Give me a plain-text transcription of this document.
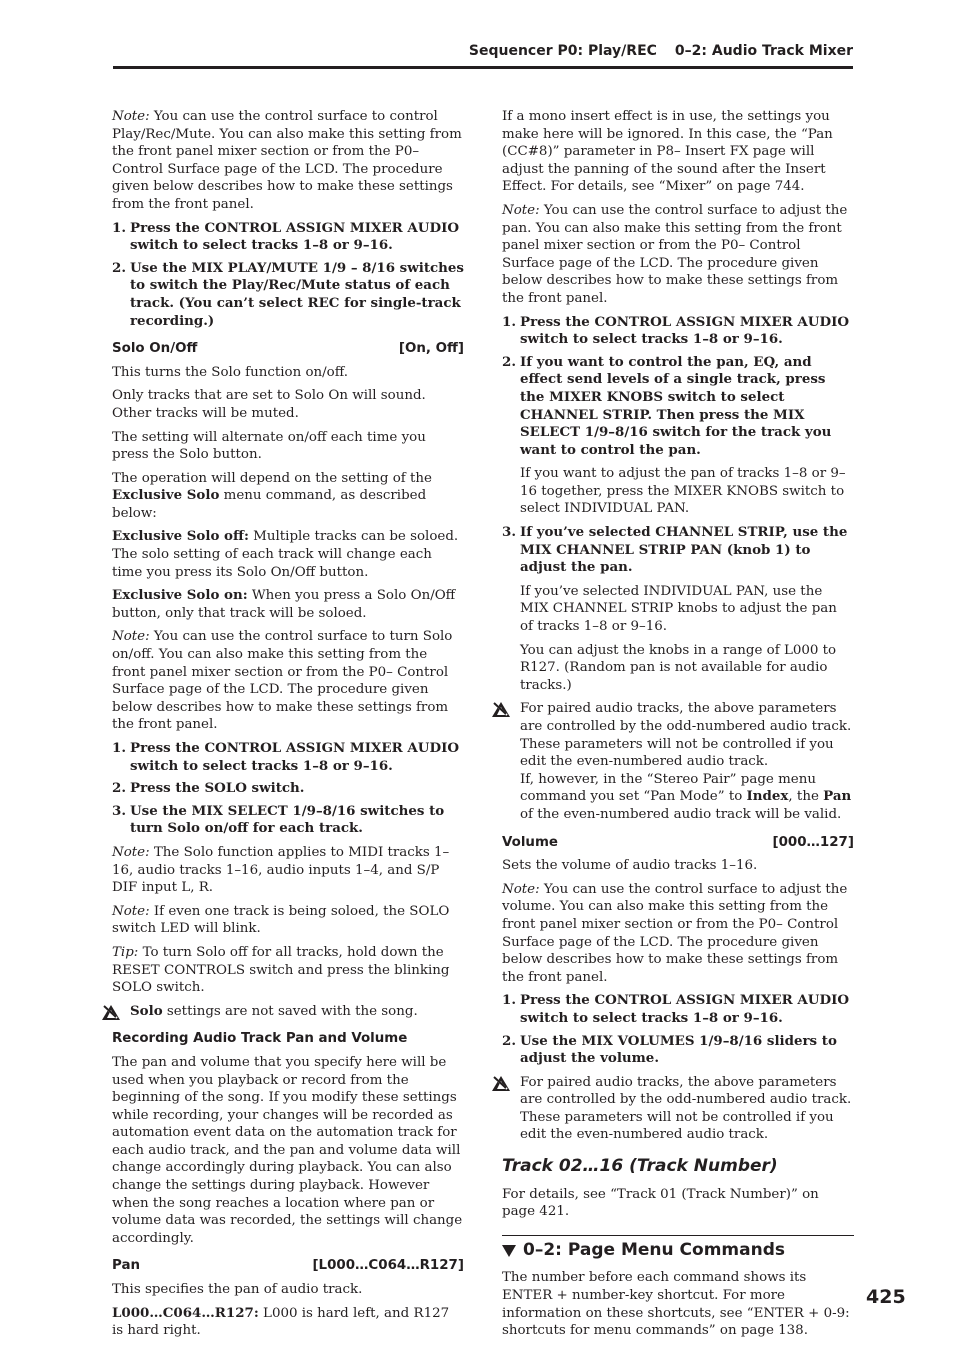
Sequencer P0: Play/REC 0–2: Audio Track Mixer

Note: You can use the control surface to control Play/Rec/Mute. You can also make this setting from the front panel mixer section or from the P0– Control Surface page of the LCD. The procedure given below describes how to make these settings from the front panel.

1. Press the CONTROL ASSIGN MIXER AUDIO switch to select tracks 1–8 or 9–16.
2. Use the MIX PLAY/MUTE 1/9 – 8/16 switches to switch the Play/Rec/Mute status of each track. (You can’t select REC for single-track recording.)
Solo On/Off	[On, Off]

This turns the Solo function on/off.

Only tracks that are set to Solo On will sound. Other tracks will be muted.

The setting will alternate on/off each time you press the Solo button.

The operation will depend on the setting of the Exclusive Solo menu command, as described below:

Exclusive Solo off: Multiple tracks can be soloed. The solo setting of each track will change each time you press its Solo On/Off button.

Exclusive Solo on: When you press a Solo On/Off button, only that track will be soloed.

Note: You can use the control surface to turn Solo on/off. You can also make this setting from the front panel mixer section or from the P0– Control Surface page of the LCD. The procedure given below describes how to make these settings from the front panel.

1. Press the CONTROL ASSIGN MIXER AUDIO switch to select tracks 1–8 or 9–16.
2. Press the SOLO switch.
3. Use the MIX SELECT 1/9–8/16 switches to turn Solo on/off for each track.

Note: The Solo function applies to MIDI tracks 1–16, audio tracks 1–16, audio inputs 1–4, and S/P DIF input L, R.

Note: If even one track is being soloed, the SOLO switch LED will blink.

Tip: To turn Solo off for all tracks, hold down the RESET CONTROLS switch and press the blinking SOLO switch.

Solo settings are not saved with the song.
Recording Audio Track Pan and Volume

The pan and volume that you specify here will be used when you playback or record from the beginning of the song. If you modify these settings while recording, your changes will be recorded as automation event data on the automation track for each audio track, and the pan and volume data will change accordingly during playback. You can also change the settings during playback. However when the song reaches a location where pan or volume data was recorded, the settings will change accordingly.

Pan	[L000…C064…R127]

This specifies the pan of audio track.

L000…C064…R127: L000 is hard left, and R127 is hard right.

If a mono insert effect is in use, the settings you make here will be ignored. In this case, the “Pan (CC#8)” parameter in P8– Insert FX page will adjust the panning of the sound after the Insert Effect. For details, see “Mixer” on page 744.

Note: You can use the control surface to adjust the pan. You can also make this setting from the front panel mixer section or from the P0– Control Surface page of the LCD. The procedure given below describes how to make these settings from the front panel.

1. Press the CONTROL ASSIGN MIXER AUDIO switch to select tracks 1–8 or 9–16.
2. If you want to control the pan, EQ, and effect send levels of a single track, press the MIXER KNOBS switch to select CHANNEL STRIP. Then press the MIX SELECT 1/9–8/16 switch for the track you want to control the pan.

If you want to adjust the pan of tracks 1–8 or 9–16 together, press the MIXER KNOBS switch to select INDIVIDUAL PAN.

3. If you’ve selected CHANNEL STRIP, use the MIX CHANNEL STRIP PAN (knob 1) to adjust the pan.

If you’ve selected INDIVIDUAL PAN, use the MIX CHANNEL STRIP knobs to adjust the pan of tracks 1–8 or 9–16.

You can adjust the knobs in a range of L000 to R127. (Random pan is not available for audio tracks.)

For paired audio tracks, the above parameters are controlled by the odd-numbered audio track. These parameters will not be controlled if you edit the even-numbered audio track.
If, however, in the “Stereo Pair” page menu command you set “Pan Mode” to Index, the Pan of the even-numbered audio track will be valid.
Volume	[000…127]

Sets the volume of audio tracks 1–16.

Note: You can use the control surface to adjust the volume. You can also make this setting from the front panel mixer section or from the P0– Control Surface page of the LCD. The procedure given below describes how to make these settings from the front panel.

1. Press the CONTROL ASSIGN MIXER AUDIO switch to select tracks 1–8 or 9–16.
2. Use the MIX VOLUMES 1/9–8/16 sliders to adjust the volume.
For paired audio tracks, the above parameters are controlled by the odd-numbered audio track. These parameters will not be controlled if you edit the even-numbered audio track.
Track 02…16 (Track Number)

For details, see “Track 01 (Track Number)” on page 421.

0–2: Page Menu Commands

The number before each command shows its ENTER + number-key shortcut. For more information on these shortcuts, see “ENTER + 0-9: shortcuts for menu commands” on page 138.

425
